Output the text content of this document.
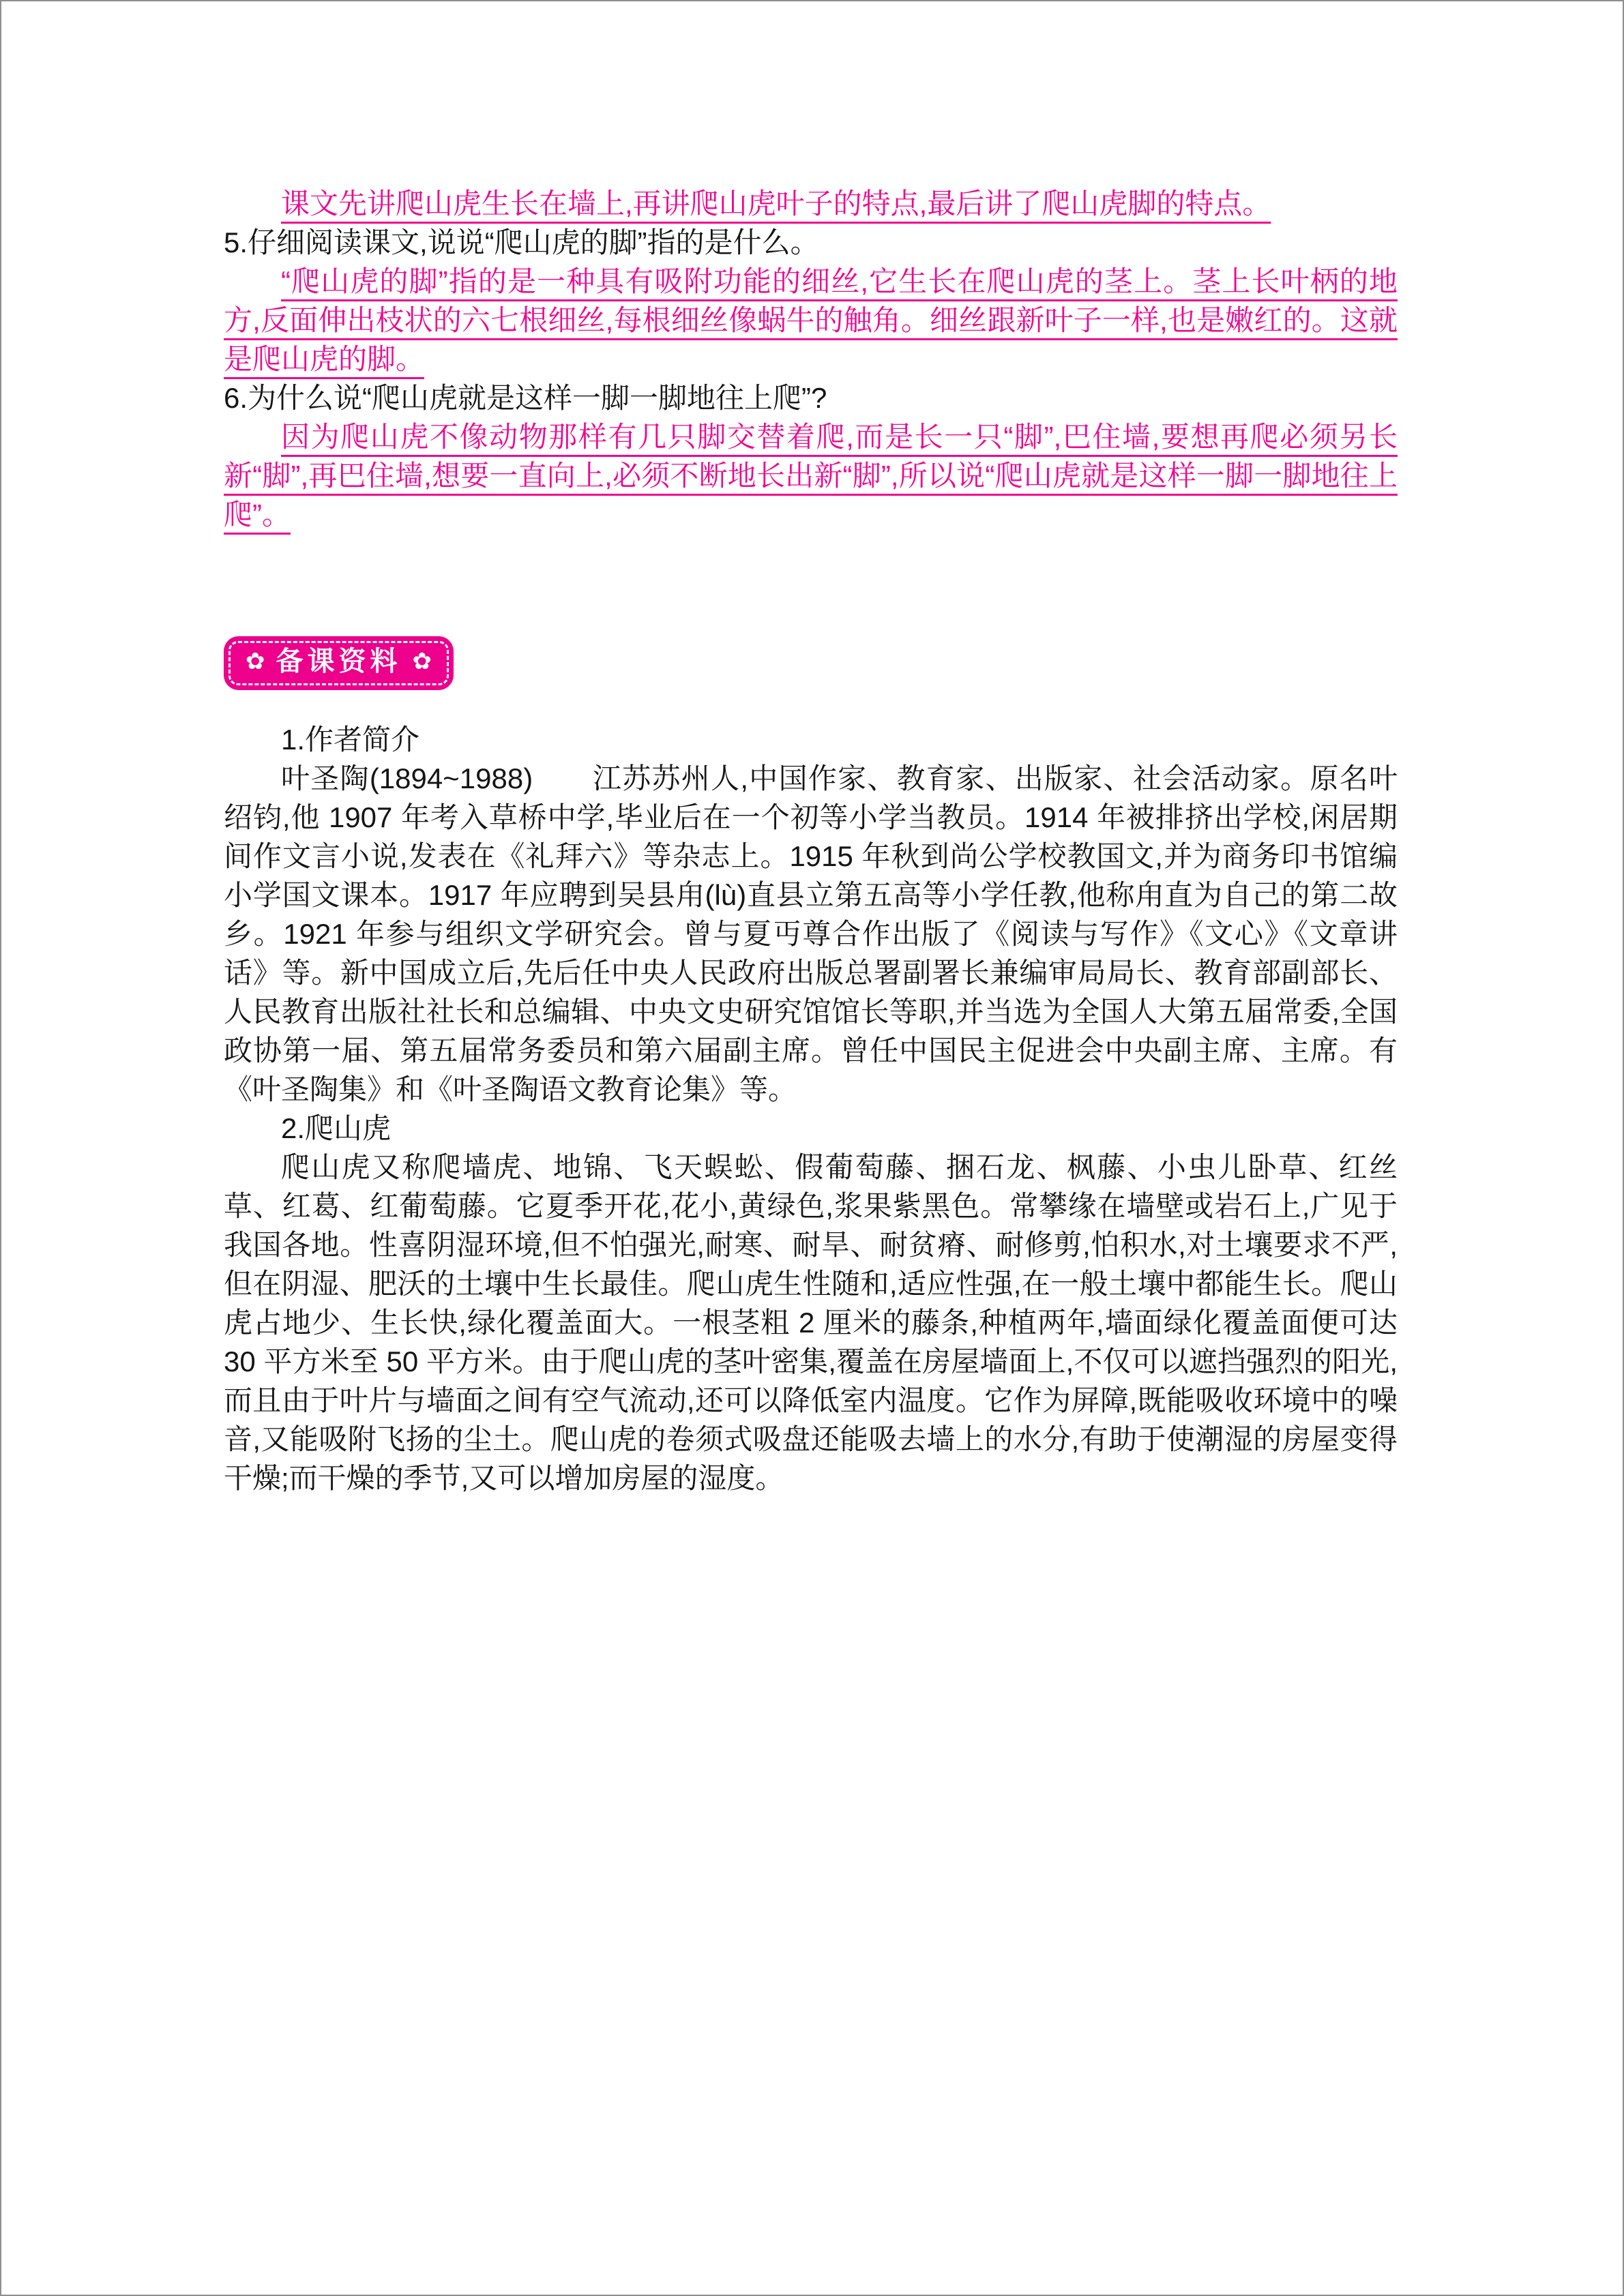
课文先讲爬山虎生长在墙上,再讲爬山虎叶子的特点,最后讲了爬山虎脚的特点。

5.仔细阅读课文,说说“爬山虎的脚”指的是什么。

“爬山虎的脚”指的是一种具有吸附功能的细丝,它生长在爬山虎的茎上。茎上长叶柄的地方,反面伸出枝状的六七根细丝,每根细丝像蜗牛的触角。细丝跟新叶子一样,也是嫩红的。这就是爬山虎的脚。

6.为什么说“爬山虎就是这样一脚一脚地往上爬”?

因为爬山虎不像动物那样有几只脚交替着爬,而是长一只“脚”,巴住墙,要想再爬必须另长新“脚”,再巴住墙,想要一直向上,必须不断地长出新“脚”,所以说“爬山虎就是这样一脚一脚地往上爬”。

✿ 备课资料 ✿

1.作者简介

叶圣陶(1894~1988)　　江苏苏州人,中国作家、教育家、出版家、社会活动家。原名叶绍钧,他 1907 年考入草桥中学,毕业后在一个初等小学当教员。1914 年被排挤出学校,闲居期间作文言小说,发表在《礼拜六》等杂志上。1915 年秋到尚公学校教国文,并为商务印书馆编小学国文课本。1917 年应聘到吴县甪(lù)直县立第五高等小学任教,他称甪直为自己的第二故乡。1921 年参与组织文学研究会。曾与夏丏尊合作出版了《阅读与写作》《文心》《文章讲话》等。新中国成立后,先后任中央人民政府出版总署副署长兼编审局局长、教育部副部长、人民教育出版社社长和总编辑、中央文史研究馆馆长等职,并当选为全国人大第五届常委,全国政协第一届、第五届常务委员和第六届副主席。曾任中国民主促进会中央副主席、主席。有《叶圣陶集》和《叶圣陶语文教育论集》等。

2.爬山虎

爬山虎又称爬墙虎、地锦、飞天蜈蚣、假葡萄藤、捆石龙、枫藤、小虫儿卧草、红丝草、红葛、红葡萄藤。它夏季开花,花小,黄绿色,浆果紫黑色。常攀缘在墙壁或岩石上,广见于我国各地。性喜阴湿环境,但不怕强光,耐寒、耐旱、耐贫瘠、耐修剪,怕积水,对土壤要求不严,但在阴湿、肥沃的土壤中生长最佳。爬山虎生性随和,适应性强,在一般土壤中都能生长。爬山虎占地少、生长快,绿化覆盖面大。一根茎粗 2 厘米的藤条,种植两年,墙面绿化覆盖面便可达 30 平方米至 50 平方米。由于爬山虎的茎叶密集,覆盖在房屋墙面上,不仅可以遮挡强烈的阳光,而且由于叶片与墙面之间有空气流动,还可以降低室内温度。它作为屏障,既能吸收环境中的噪音,又能吸附飞扬的尘土。爬山虎的卷须式吸盘还能吸去墙上的水分,有助于使潮湿的房屋变得干燥;而干燥的季节,又可以增加房屋的湿度。
